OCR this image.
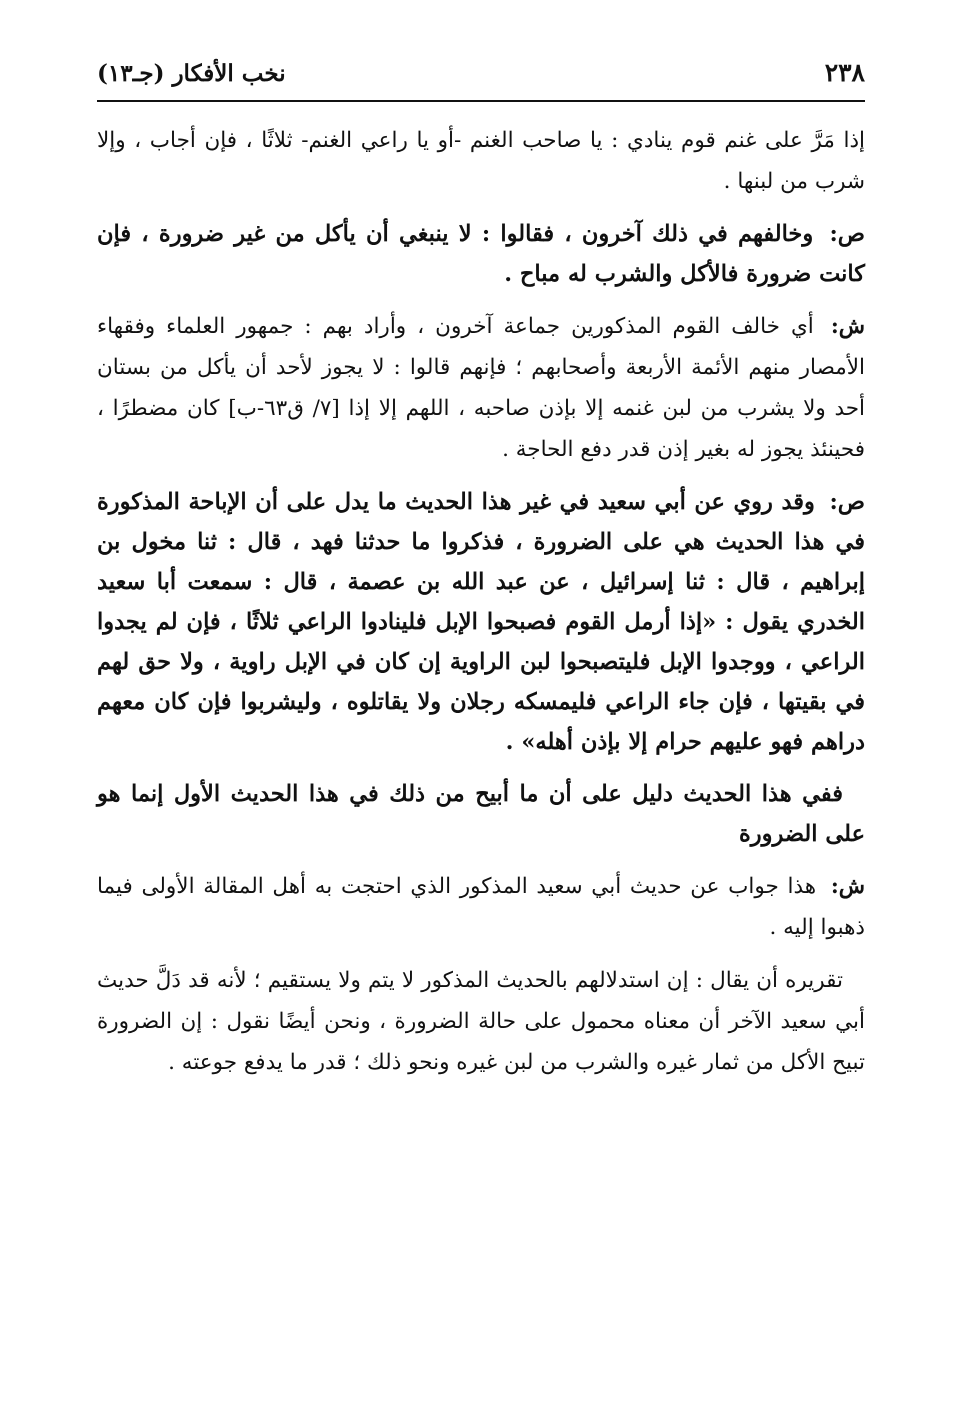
٢٣٨
نخب الأفكار (جـ١٣)

إذا مَرَّ على غنم قوم ينادي : يا صاحب الغنم -أو يا راعي الغنم- ثلاثًا ، فإن أجاب ، وإلا شرب من لبنها .

ص: وخالفهم في ذلك آخرون ، فقالوا : لا ينبغي أن يأكل من غير ضرورة ، فإن كانت ضرورة فالأكل والشرب له مباح .

ش: أي خالف القوم المذكورين جماعة آخرون ، وأراد بهم : جمهور العلماء وفقهاء الأمصار منهم الأئمة الأربعة وأصحابهم ؛ فإنهم قالوا : لا يجوز لأحد أن يأكل من بستان أحد ولا يشرب من لبن غنمه إلا بإذن صاحبه ، اللهم إلا إذا [٧/ ق٦٣-ب] كان مضطرًا ، فحينئذ يجوز له بغير إذن قدر دفع الحاجة .

ص: وقد روي عن أبي سعيد في غير هذا الحديث ما يدل على أن الإباحة المذكورة في هذا الحديث هي على الضرورة ، فذكروا ما حدثنا فهد ، قال : ثنا مخول بن إبراهيم ، قال : ثنا إسرائيل ، عن عبد الله بن عصمة ، قال : سمعت أبا سعيد الخدري يقول : «إذا أرمل القوم فصبحوا الإبل فلينادوا الراعي ثلاثًا ، فإن لم يجدوا الراعي ، ووجدوا الإبل فليتصبحوا لبن الراوية إن كان في الإبل راوية ، ولا حق لهم في بقيتها ، فإن جاء الراعي فليمسكه رجلان ولا يقاتلوه ، وليشربوا فإن كان معهم دراهم فهو عليهم حرام إلا بإذن أهله» .

ففي هذا الحديث دليل على أن ما أبيح من ذلك في هذا الحديث الأول إنما هو على الضرورة

ش: هذا جواب عن حديث أبي سعيد المذكور الذي احتجت به أهل المقالة الأولى فيما ذهبوا إليه .

تقريره أن يقال : إن استدلالهم بالحديث المذكور لا يتم ولا يستقيم ؛ لأنه قد دَلَّ حديث أبي سعيد الآخر أن معناه محمول على حالة الضرورة ، ونحن أيضًا نقول : إن الضرورة تبيح الأكل من ثمار غيره والشرب من لبن غيره ونحو ذلك ؛ قدر ما يدفع جوعته .
